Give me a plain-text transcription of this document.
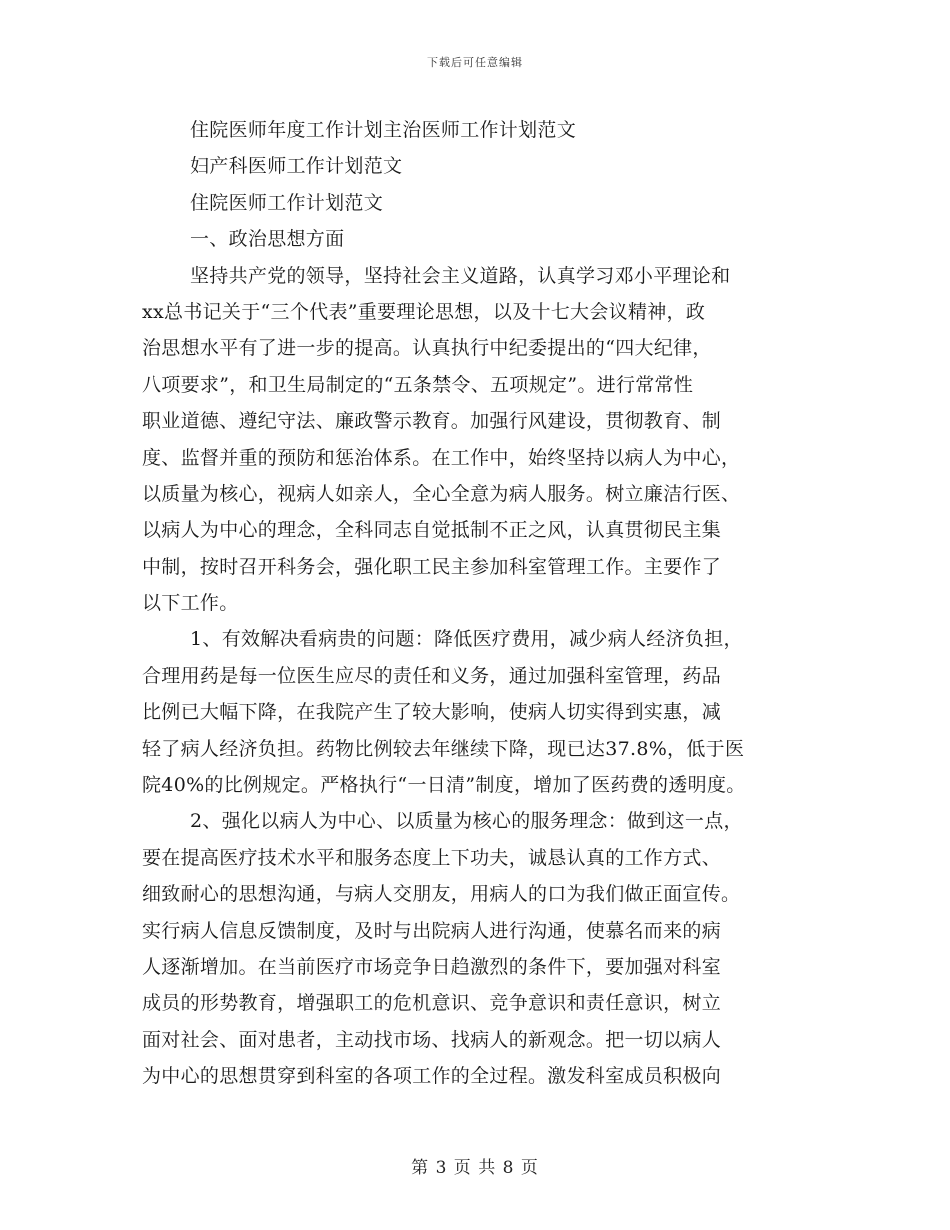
下载后可任意编辑
住院医师年度工作计划主治医师工作计划范文
妇产科医师工作计划范文
住院医师工作计划范文
一、政治思想方面
坚持共产党的领导，坚持社会主义道路，认真学习邓小平理论和
xx总书记关于“三个代表”重要理论思想，以及十七大会议精神，政
治思想水平有了进一步的提高。认真执行中纪委提出的“四大纪律，
八项要求”，和卫生局制定的“五条禁令、五项规定”。进行常常性
职业道德、遵纪守法、廉政警示教育。加强行风建设，贯彻教育、制
度、监督并重的预防和惩治体系。在工作中，始终坚持以病人为中心，
以质量为核心，视病人如亲人，全心全意为病人服务。树立廉洁行医、
以病人为中心的理念，全科同志自觉抵制不正之风，认真贯彻民主集
中制，按时召开科务会，强化职工民主参加科室管理工作。主要作了
以下工作。
1、有效解决看病贵的问题：降低医疗费用，减少病人经济负担，
合理用药是每一位医生应尽的责任和义务，通过加强科室管理，药品
比例已大幅下降，在我院产生了较大影响，使病人切实得到实惠，减
轻了病人经济负担。药物比例较去年继续下降，现已达37.8%，低于医
院40%的比例规定。严格执行“一日清”制度，增加了医药费的透明度。
2、强化以病人为中心、以质量为核心的服务理念：做到这一点，
要在提高医疗技术水平和服务态度上下功夫，诚恳认真的工作方式、
细致耐心的思想沟通，与病人交朋友，用病人的口为我们做正面宣传。
实行病人信息反馈制度，及时与出院病人进行沟通，使慕名而来的病
人逐渐增加。在当前医疗市场竞争日趋激烈的条件下，要加强对科室
成员的形势教育，增强职工的危机意识、竞争意识和责任意识，树立
面对社会、面对患者，主动找市场、找病人的新观念。把一切以病人
为中心的思想贯穿到科室的各项工作的全过程。激发科室成员积极向
第 3 页 共 8 页
